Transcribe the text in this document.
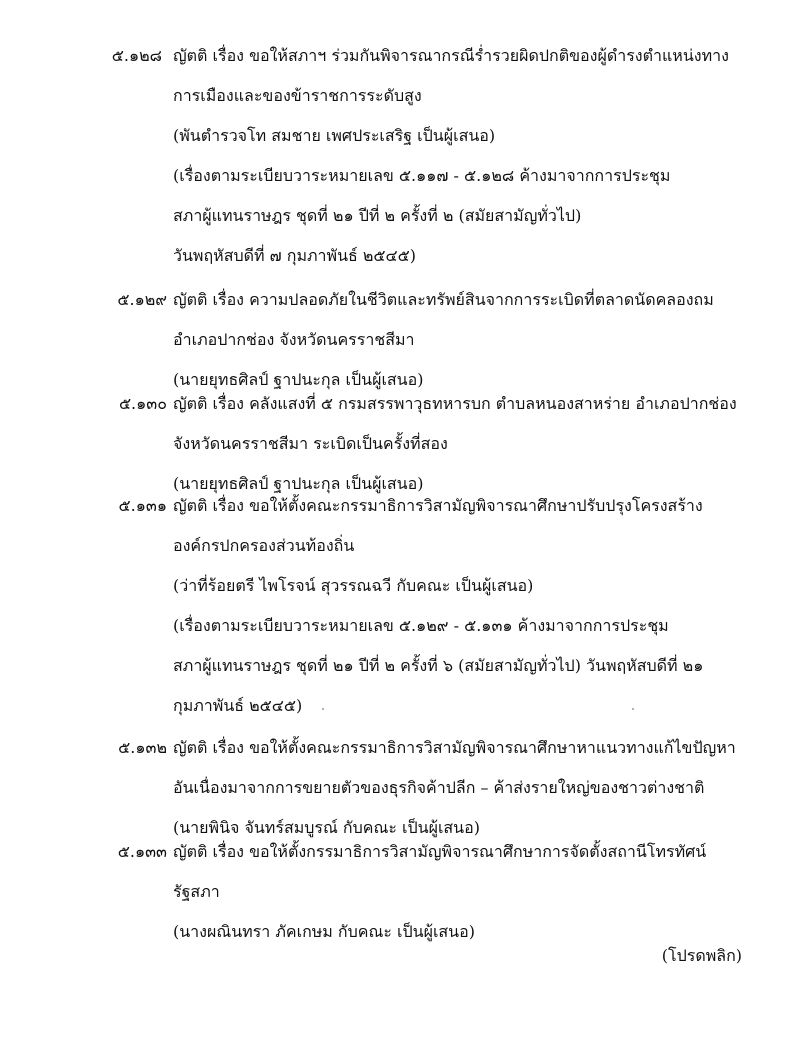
๕.๑๒๘ ญัตติ เรื่อง ขอให้สภาฯ ร่วมกันพิจารณากรณีร่ำรวยผิดปกติของผู้ดำรงตำแหน่งทาง
การเมืองและของข้าราชการระดับสูง
(พันตำรวจโท สมชาย เพศประเสริฐ เป็นผู้เสนอ)
(เรื่องตามระเบียบวาระหมายเลข ๕.๑๑๗ - ๕.๑๒๘ ค้างมาจากการประชุม
สภาผู้แทนราษฎร ชุดที่ ๒๑ ปีที่ ๒ ครั้งที่ ๒ (สมัยสามัญทั่วไป)
วันพฤหัสบดีที่ ๗ กุมภาพันธ์ ๒๕๔๕)
๕.๑๒๙ ญัตติ เรื่อง ความปลอดภัยในชีวิตและทรัพย์สินจากการระเบิดที่ตลาดนัดคลองถม
อำเภอปากช่อง จังหวัดนครราชสีมา
(นายยุทธศิลป์ ฐาปนะกุล เป็นผู้เสนอ)
๕.๑๓๐ ญัตติ เรื่อง คลังแสงที่ ๕ กรมสรรพาวุธทหารบก ตำบลหนองสาหร่าย อำเภอปากช่อง
จังหวัดนครราชสีมา ระเบิดเป็นครั้งที่สอง
(นายยุทธศิลป์ ฐาปนะกุล เป็นผู้เสนอ)
๕.๑๓๑ ญัตติ เรื่อง ขอให้ตั้งคณะกรรมาธิการวิสามัญพิจารณาศึกษาปรับปรุงโครงสร้าง
องค์กรปกครองส่วนท้องถิ่น
(ว่าที่ร้อยตรี ไพโรจน์ สุวรรณฉวี กับคณะ เป็นผู้เสนอ)
(เรื่องตามระเบียบวาระหมายเลข ๕.๑๒๙ - ๕.๑๓๑ ค้างมาจากการประชุม
สภาผู้แทนราษฎร ชุดที่ ๒๑ ปีที่ ๒ ครั้งที่ ๖ (สมัยสามัญทั่วไป) วันพฤหัสบดีที่ ๒๑
กุมภาพันธ์ ๒๕๔๕)
๕.๑๓๒ ญัตติ เรื่อง ขอให้ตั้งคณะกรรมาธิการวิสามัญพิจารณาศึกษาหาแนวทางแก้ไขปัญหา
อันเนื่องมาจากการขยายตัวของธุรกิจค้าปลีก – ค้าส่งรายใหญ่ของชาวต่างชาติ
(นายพินิจ จันทร์สมบูรณ์ กับคณะ เป็นผู้เสนอ)
๕.๑๓๓ ญัตติ เรื่อง ขอให้ตั้งกรรมาธิการวิสามัญพิจารณาศึกษาการจัดตั้งสถานีโทรทัศน์
รัฐสภา
(นางผณินทรา ภัคเกษม กับคณะ เป็นผู้เสนอ)
(โปรดพลิก)
